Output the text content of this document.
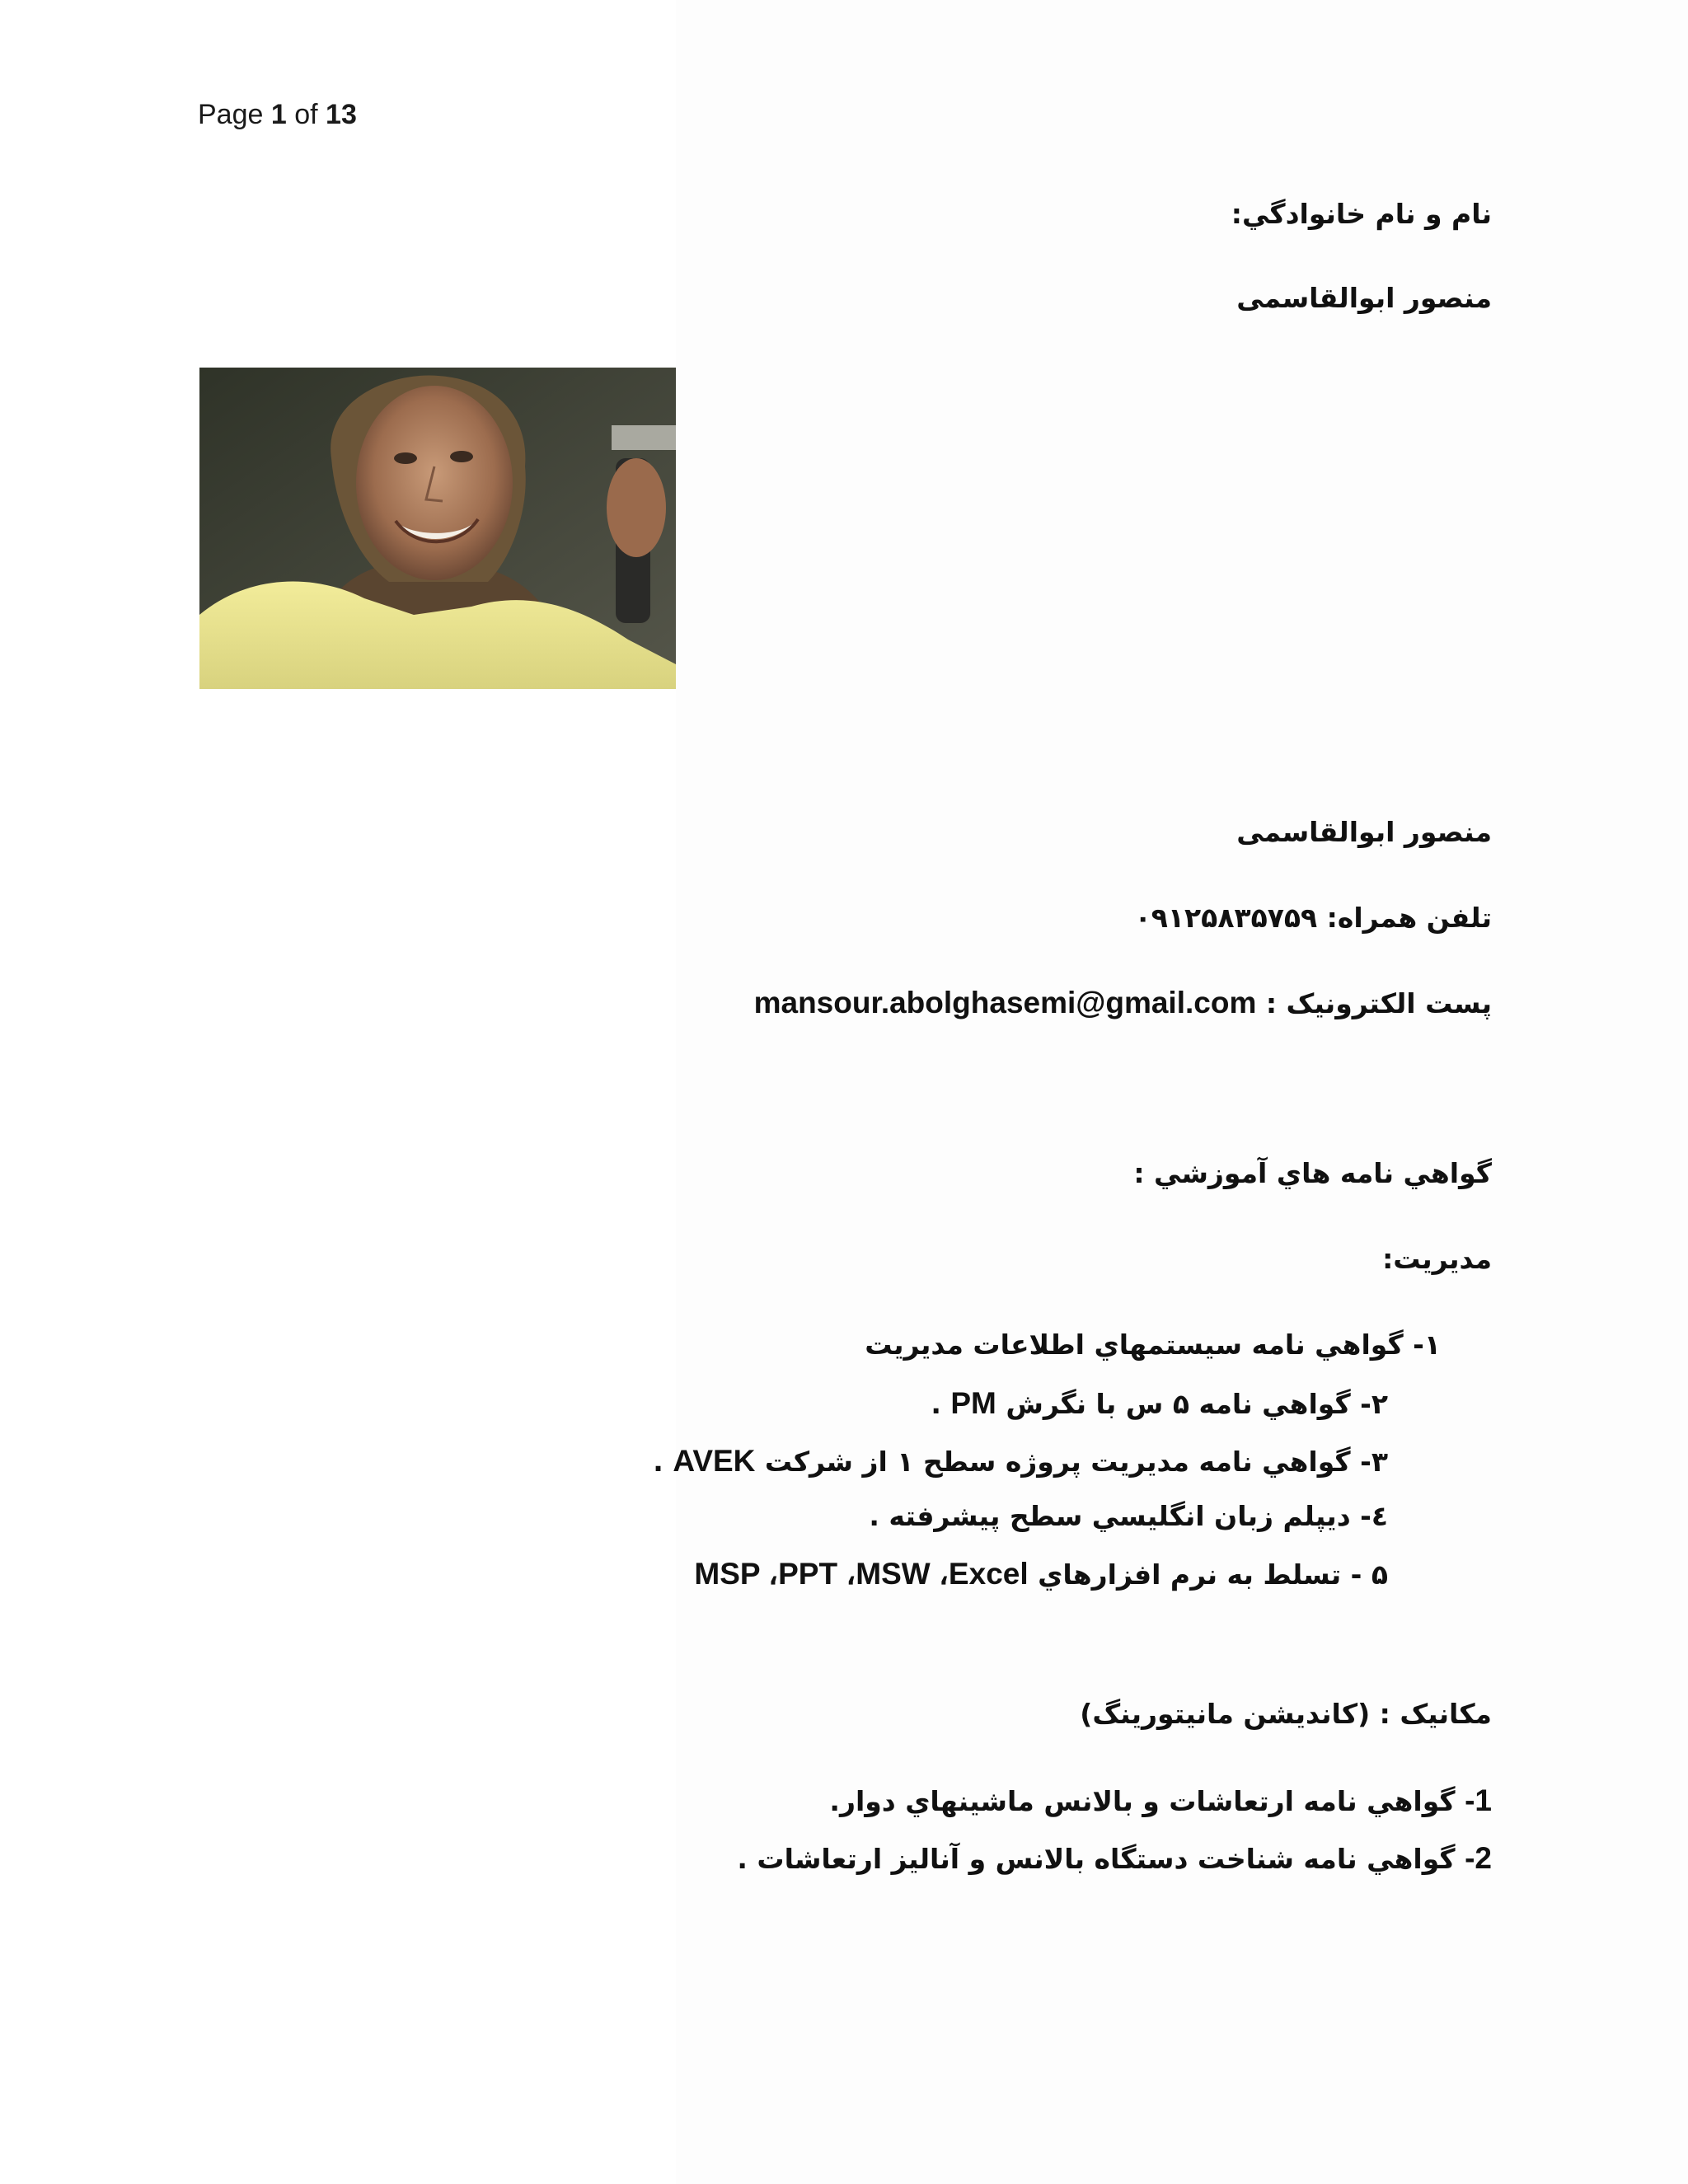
Page 1 of 13
نام و نام خانوادگي:
منصور ابوالقاسمی
منصور ابوالقاسمی
تلفن همراه: ۰۹۱۲۵۸۳۵۷۵۹
پست الکترونیک : mansour.abolghasemi@gmail.com
گواهي نامه هاي آموزشي :
مديريت:
۱- گواهي نامه سيستمهاي اطلاعات مديريت
۲- گواهي نامه ۵ س با نگرش PM .
۳- گواهي نامه مديريت پروژه سطح ۱ از شرکت AVEK .
٤- ديپلم زبان انگليسي سطح پيشرفته .
۵ - تسلط به نرم افزارهاي MSP ،PPT ،MSW ،Excel
مکانیک : (کاندیشن مانیتورینگ)
1- گواهي نامه ارتعاشات و بالانس ماشينهاي دوار.
2- گواهي نامه شناخت دستگاه بالانس و آناليز ارتعاشات .
